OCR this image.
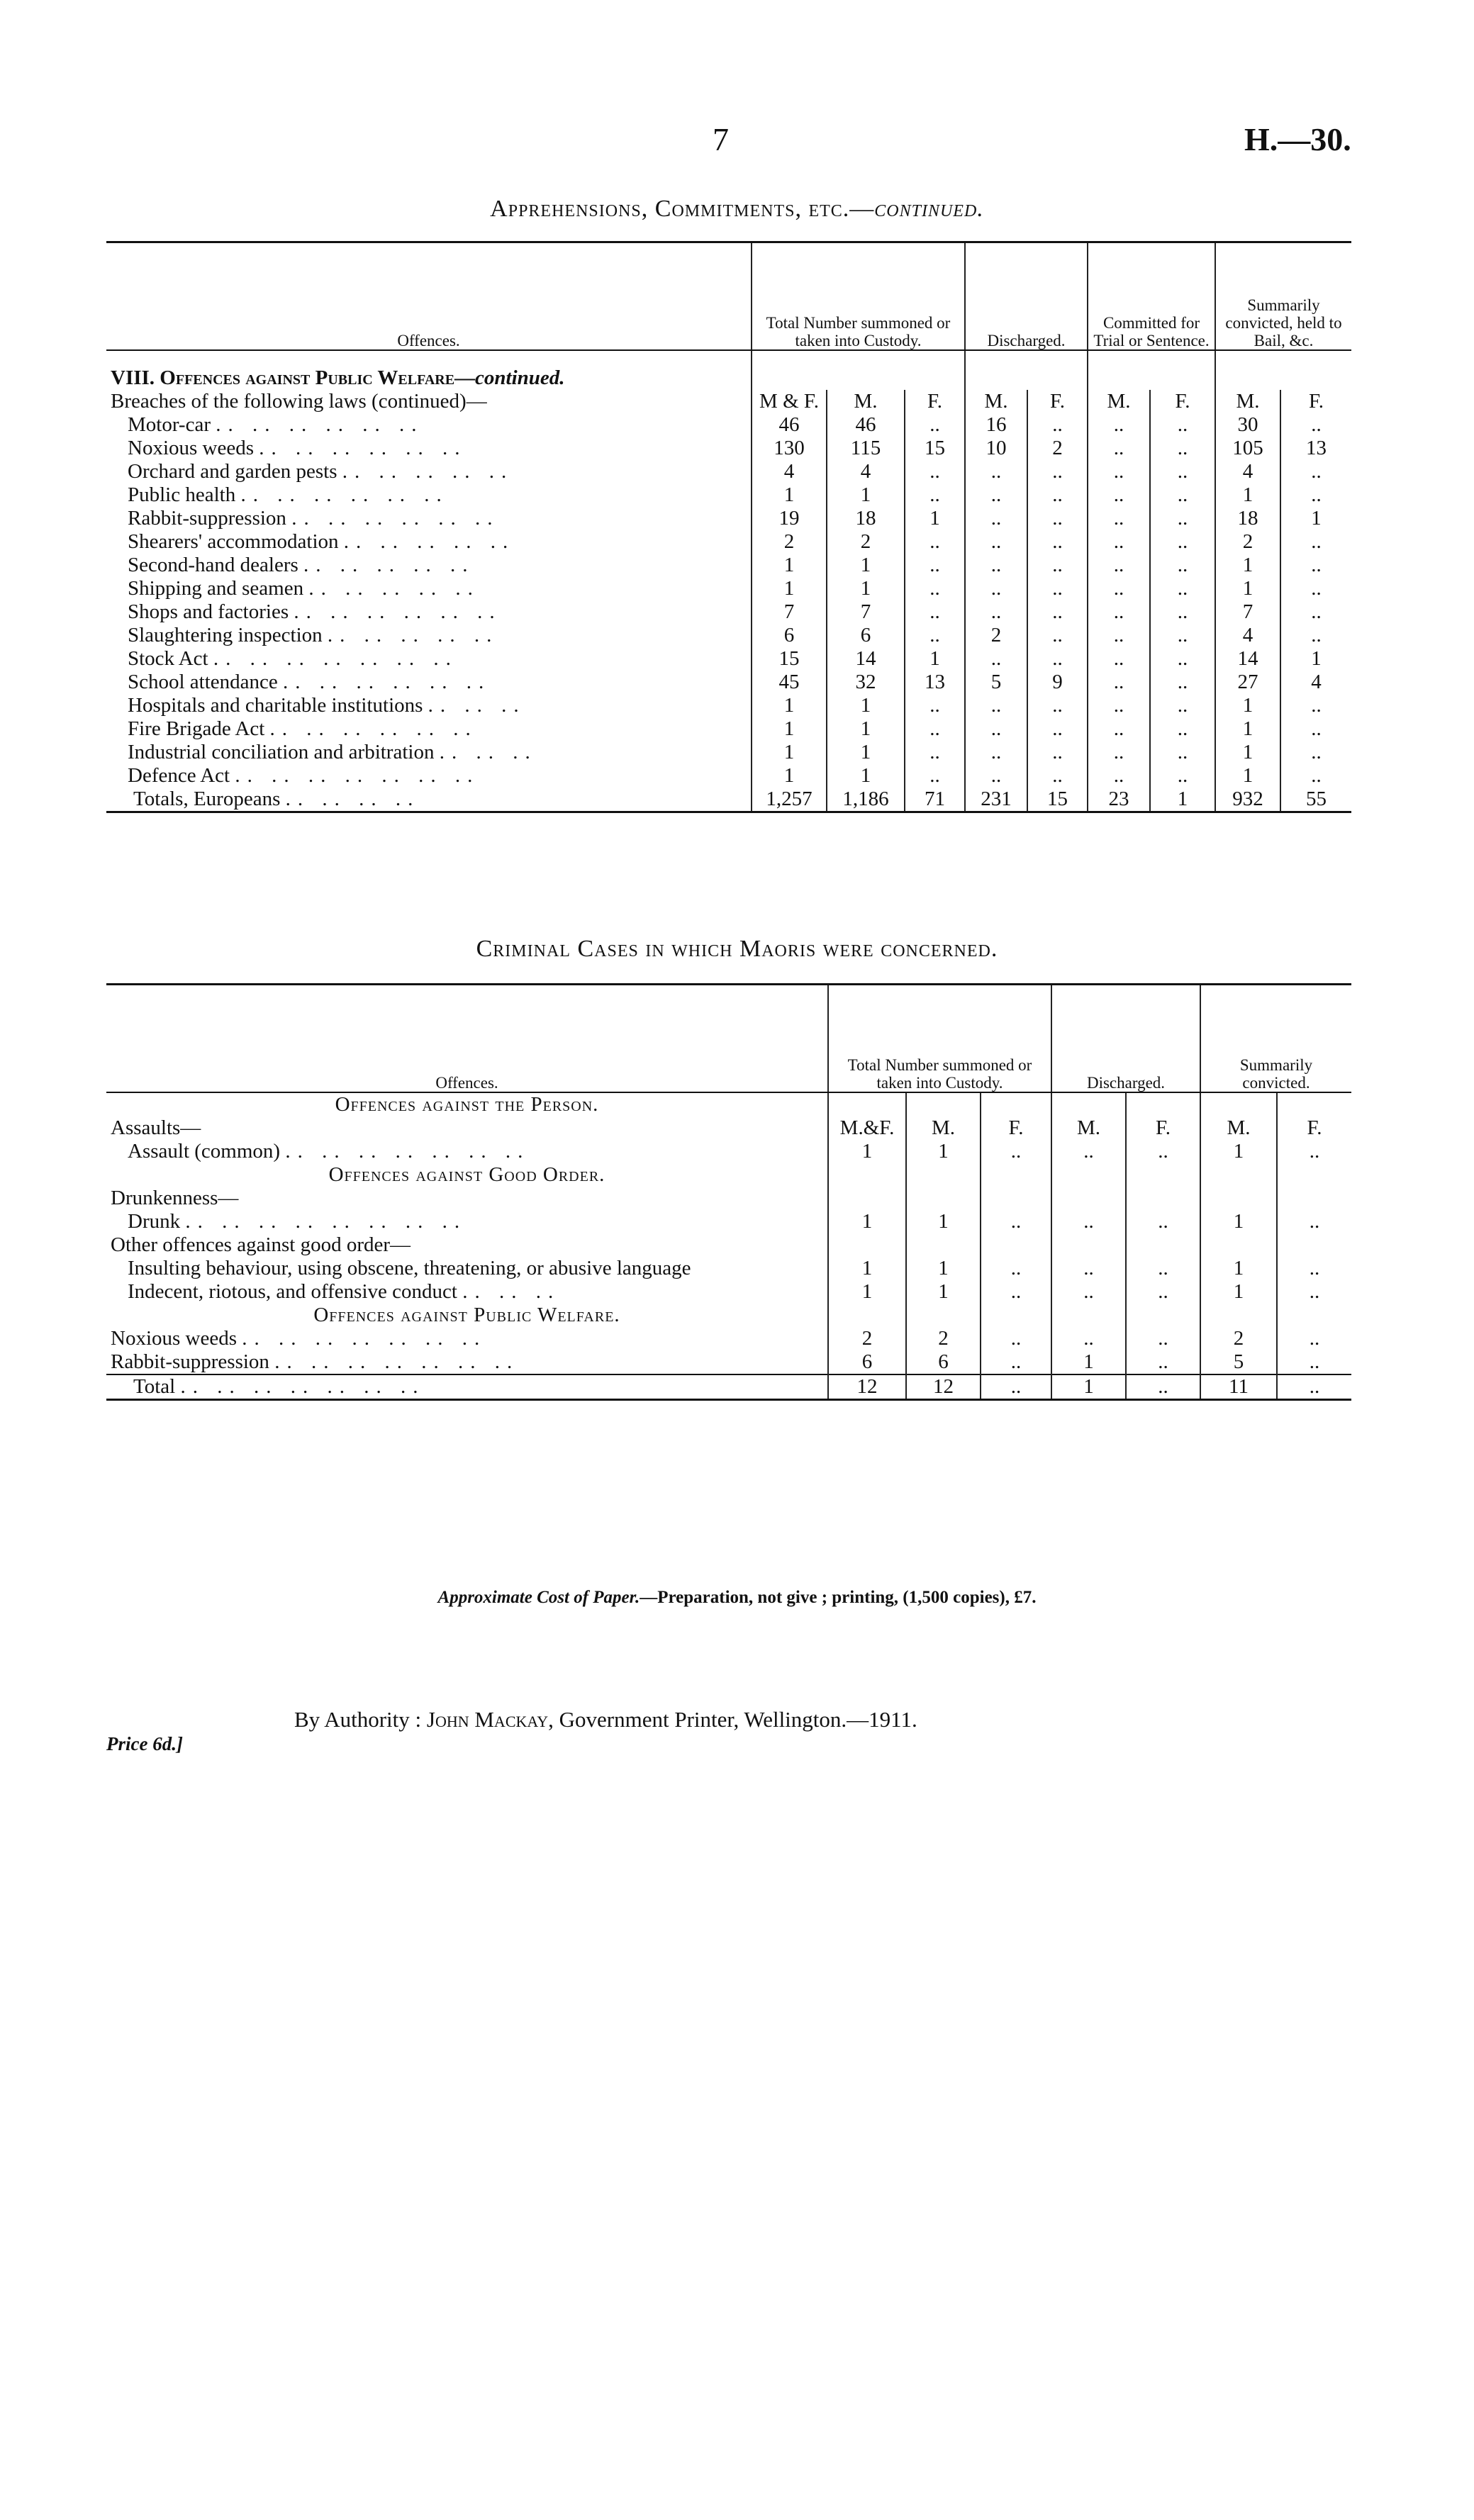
7	H.—30.
Apprehensions, Commitments, etc.—continued.
Offences.	Total Number summoned or taken into Custody.			Discharged.		Committed for Trial or Sentence.		Summarily convicted, held to Bail, &c.	
VIII. Offences against Public Welfare—continued.									
Breaches of the following laws (continued)—	M & F.	M.	F.	M.	F.	M.	F.	M.	F.
Motor-car .. .. .. .. .. ..	46	46	..	16	..	..	..	30	..
Noxious weeds .. .. .. .. .. ..	130	115	15	10	2	..	..	105	13
Orchard and garden pests .. .. .. .. ..	4	4	..	..	..	..	..	4	..
Public health .. .. .. .. .. ..	1	1	..	..	..	..	..	1	..
Rabbit-suppression .. .. .. .. .. ..	19	18	1	..	..	..	..	18	1
Shearers' accommodation .. .. .. .. ..	2	2	..	..	..	..	..	2	..
Second-hand dealers .. .. .. .. ..	1	1	..	..	..	..	..	1	..
Shipping and seamen .. .. .. .. ..	1	1	..	..	..	..	..	1	..
Shops and factories .. .. .. .. .. ..	7	7	..	..	..	..	..	7	..
Slaughtering inspection .. .. .. .. ..	6	6	..	2	..	..	..	4	..
Stock Act .. .. .. .. .. .. ..	15	14	1	..	..	..	..	14	1
School attendance .. .. .. .. .. ..	45	32	13	5	9	..	..	27	4
Hospitals and charitable institutions .. .. ..	1	1	..	..	..	..	..	1	..
Fire Brigade Act .. .. .. .. .. ..	1	1	..	..	..	..	..	1	..
Industrial conciliation and arbitration .. .. ..	1	1	..	..	..	..	..	1	..
Defence Act .. .. .. .. .. .. ..	1	1	..	..	..	..	..	1	..
Totals, Europeans .. .. .. ..	1,257	1,186	71	231	15	23	1	932	55
Criminal Cases in which Maoris were concerned.
Offences.	Total Number summoned or taken into Custody.			Discharged.		Summarily convicted.	
Offences against the Person.							
Assaults—	M.&F.	M.	F.	M.	F.	M.	F.
Assault (common) .. .. .. .. .. .. ..	1	1	..	..	..	1	..
Offences against Good Order.							
Drunkenness—							
Drunk .. .. .. .. .. .. .. ..	1	1	..	..	..	1	..
Other offences against good order—							
Insulting behaviour, using obscene, threatening, or abusive language	1	1	..	..	..	1	..
Indecent, riotous, and offensive conduct .. .. ..	1	1	..	..	..	1	..
Offences against Public Welfare.							
Noxious weeds .. .. .. .. .. .. ..	2	2	..	..	..	2	..
Rabbit-suppression .. .. .. .. .. .. ..	6	6	..	1	..	5	..
Total .. .. .. .. .. .. ..	12	12	..	1	..	11	..
Approximate Cost of Paper.—Preparation, not give ; printing, (1,500 copies), £7.
By Authority : John Mackay, Government Printer, Wellington.—1911.
Price 6d.]
